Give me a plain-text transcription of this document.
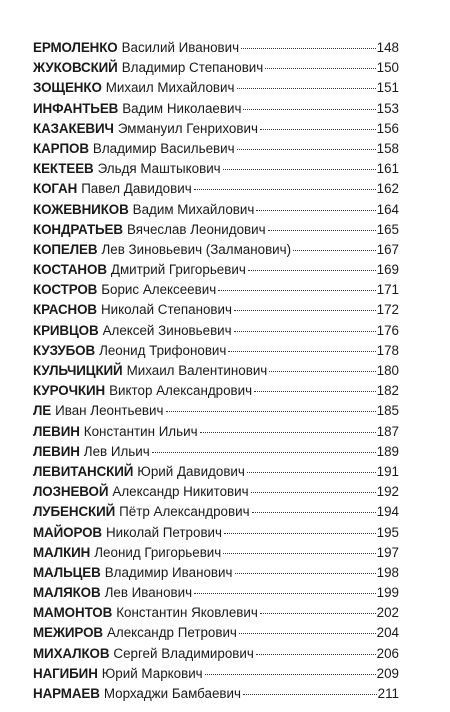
ЕРМОЛЕНКО Василий Иванович	148
ЖУКОВСКИЙ Владимир Степанович	150
ЗОЩЕНКО Михаил Михайлович	151
ИНФАНТЬЕВ Вадим Николаевич	153
КАЗАКЕВИЧ Эммануил Генрихович	156
КАРПОВ Владимир Васильевич	158
КЕКТЕЕВ Эльдя Маштыкович	161
КОГАН Павел Давидович	162
КОЖЕВНИКОВ Вадим Михайлович	164
КОНДРАТЬЕВ Вячеслав Леонидович	165
КОПЕЛЕВ Лев Зиновьевич (Залманович)	167
КОСТАНОВ Дмитрий Григорьевич	169
КОСТРОВ Борис Алексеевич	171
КРАСНОВ Николай Степанович	172
КРИВЦОВ Алексей Зиновьевич	176
КУЗУБОВ Леонид Трифонович	178
КУЛЬЧИЦКИЙ Михаил Валентинович	180
КУРОЧКИН Виктор Александрович	182
ЛЕ Иван Леонтьевич	185
ЛЕВИН Константин Ильич	187
ЛЕВИН Лев Ильич	189
ЛЕВИТАНСКИЙ Юрий Давидович	191
ЛОЗНЕВОЙ Александр Никитович	192
ЛУБЕНСКИЙ Пётр Александрович	194
МАЙОРОВ Николай Петрович	195
МАЛКИН Леонид Григорьевич	197
МАЛЬЦЕВ Владимир Иванович	198
МАЛЯКОВ Лев Иванович	199
МАМОНТОВ Константин Яковлевич	202
МЕЖИРОВ Александр Петрович	204
МИХАЛКОВ Сергей Владимирович	206
НАГИБИН Юрий Маркович	209
НАРМАЕВ Морхаджи Бамбаевич	211
